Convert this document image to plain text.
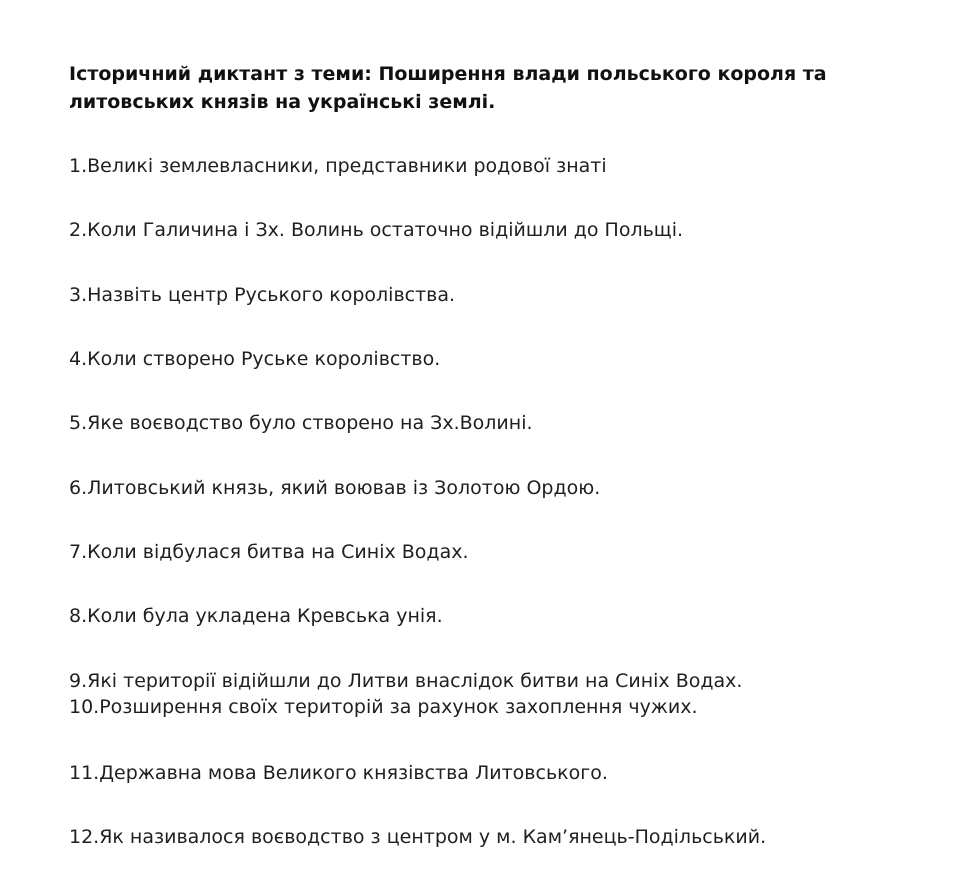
Історичний диктант з теми: Поширення влади польського короля та литовських князів на українські землі.

1.Великі землевласники, представники родової знаті

2.Коли Галичина і Зх. Волинь остаточно відійшли до Польщі.

3.Назвіть центр Руського королівства.

4.Коли створено Руське королівство.

5.Яке воєводство було створено на Зх.Волині.

6.Литовський князь, який воював із Золотою Ордою.

7.Коли відбулася битва на Синіх Водах.

8.Коли була укладена Кревська унія.

9.Які території відійшли до Литви внаслідок битви на Синіх Водах.

10.Розширення своїх територій за рахунок захоплення чужих.

11.Державна мова Великого князівства Литовського.

12.Як називалося воєводство з центром у м. Кам’янець-Подільський.
